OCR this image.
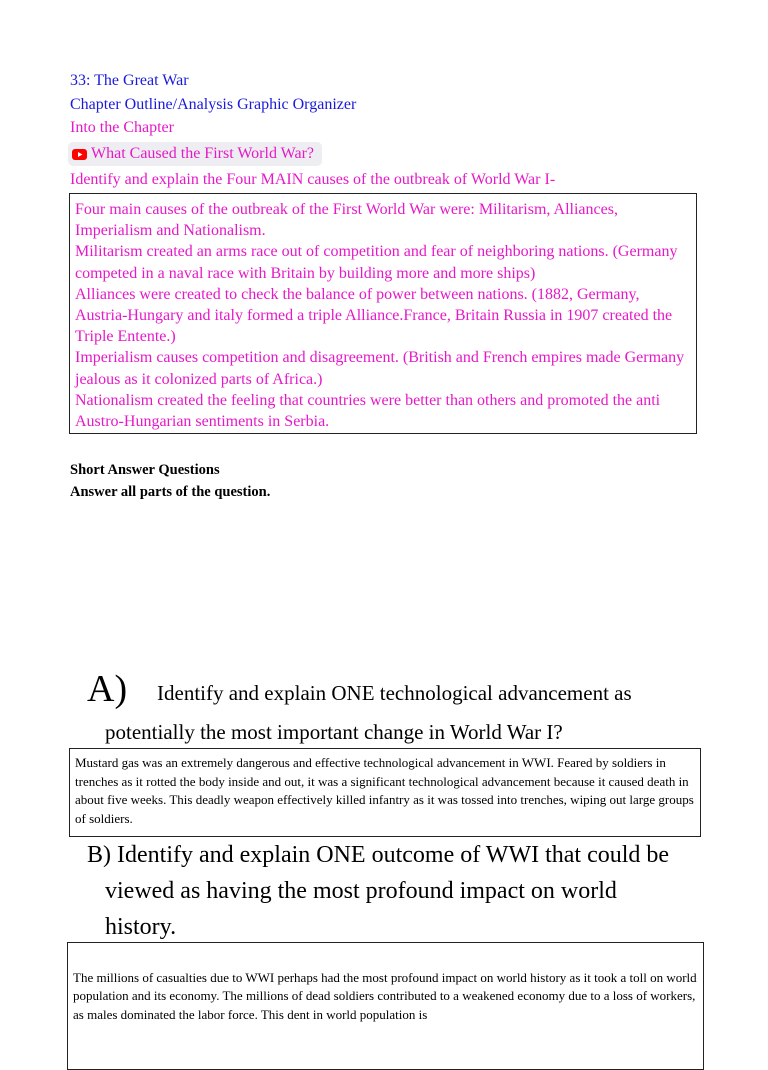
33: The Great War
Chapter Outline/Analysis Graphic Organizer
Into the Chapter
What Caused the First World War?
Identify and explain the Four MAIN causes of the outbreak of World War I-

Four main causes of the outbreak of the First World War were: Militarism, Alliances, Imperialism and Nationalism.

Militarism created an arms race out of competition and fear of neighboring nations. (Germany competed in a naval race with Britain by building more and more ships)

Alliances were created to check the balance of power between nations. (1882, Germany, Austria-Hungary and italy formed a triple Alliance.France, Britain Russia in 1907 created the Triple Entente.)

Imperialism causes competition and disagreement. (British and French empires made Germany jealous as it colonized parts of Africa.)

Nationalism created the feeling that countries were better than others and promoted the anti Austro-Hungarian sentiments in Serbia.

Short Answer Questions
Answer all parts of the question.
A) Identify and explain ONE technological advancement as
potentially the most important change in World War I?

Mustard gas was an extremely dangerous and effective technological advancement in WWI. Feared by soldiers in trenches as it rotted the body inside and out, it was a significant technological advancement because it caused death in about five weeks. This deadly weapon effectively killed infantry as it was tossed into trenches, wiping out large groups of soldiers.

B) Identify and explain ONE outcome of WWI that could be
viewed as having the most profound impact on world
history.

The millions of casualties due to WWI perhaps had the most profound impact on world history as it took a toll on world population and its economy. The millions of dead soldiers contributed to a weakened economy due to a loss of workers, as males dominated the labor force. This dent in world population is
